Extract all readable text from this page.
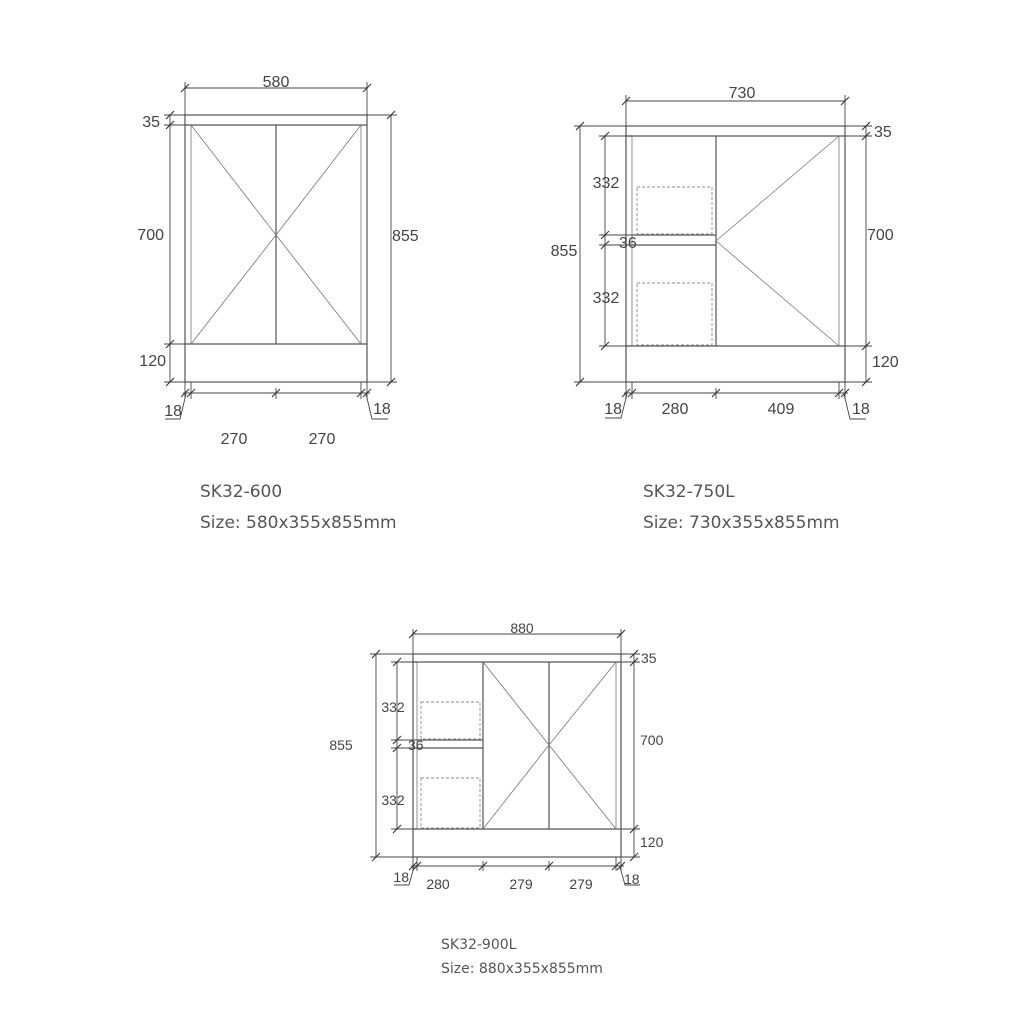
580
35
700
120
855
18	18
270	270
730
855
332
36
332
35
700
120
18 280	409	18
880
855
332
36
332
35
700
120
18 280	279	279 18
SK32-600
Size: 580x355x855mm
SK32-750L
Size: 730x355x855mm
SK32-900L
Size: 880x355x855mm
